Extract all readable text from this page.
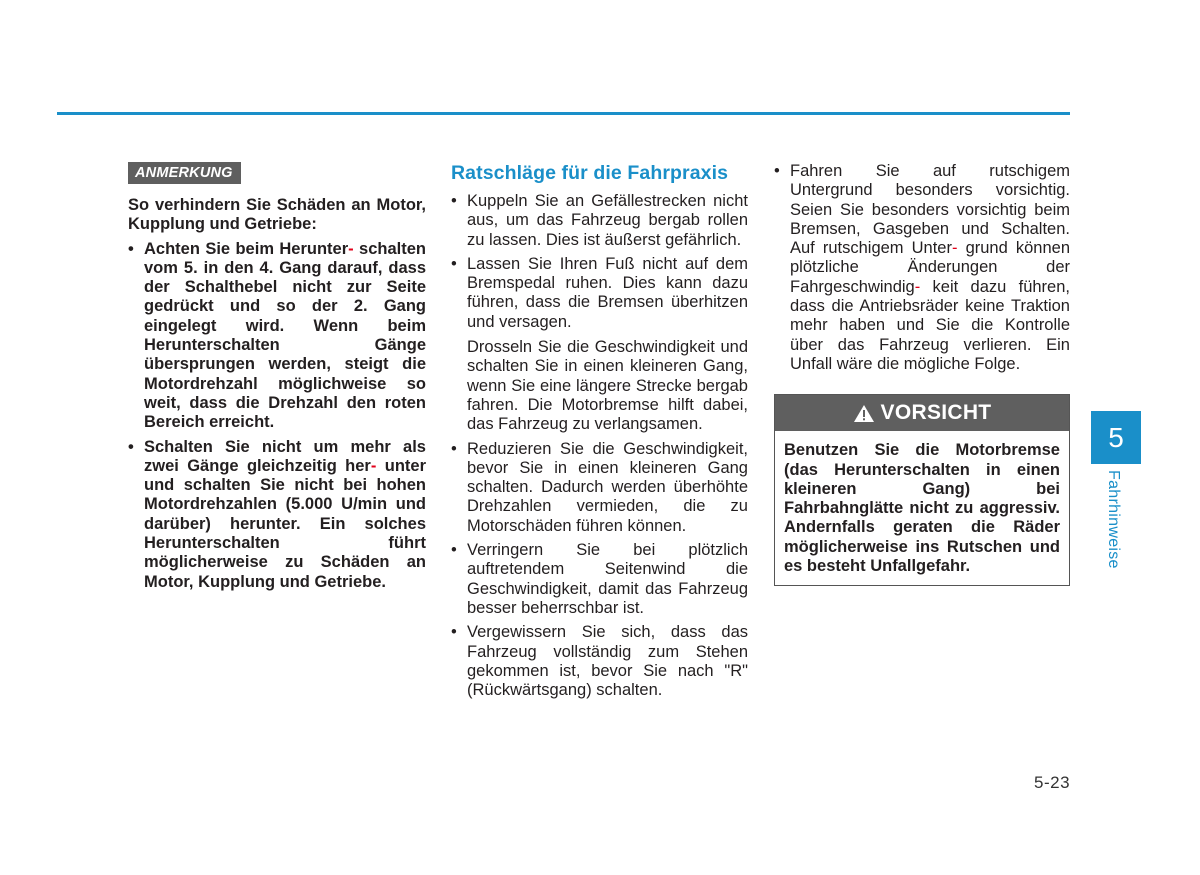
ANMERKUNG

So verhindern Sie Schäden an Motor, Kupplung und Getriebe:

• Achten Sie beim Herunter- schalten vom 5. in den 4. Gang darauf, dass der Schalthebel nicht zur Seite gedrückt und so der 2. Gang eingelegt wird. Wenn beim Herunterschalten Gänge übersprungen werden, steigt die Motordrehzahl möglichweise so weit, dass die Drehzahl den roten Bereich erreicht.
• Schalten Sie nicht um mehr als zwei Gänge gleichzeitig her- unter und schalten Sie nicht bei hohen Motordrehzahlen (5.000 U/min und darüber) herunter. Ein solches Herunterschalten führt möglicherweise zu Schäden an Motor, Kupplung und Getriebe.
Ratschläge für die Fahrpraxis
• Kuppeln Sie an Gefällestrecken nicht aus, um das Fahrzeug bergab rollen zu lassen. Dies ist äußerst gefährlich.
• Lassen Sie Ihren Fuß nicht auf dem Bremspedal ruhen. Dies kann dazu führen, dass die Bremsen überhitzen und versagen.

Drosseln Sie die Geschwindigkeit und schalten Sie in einen kleineren Gang, wenn Sie eine längere Strecke bergab fahren. Die Motorbremse hilft dabei, das Fahrzeug zu verlangsamen.

• Reduzieren Sie die Geschwindigkeit, bevor Sie in einen kleineren Gang schalten. Dadurch werden überhöhte Drehzahlen vermieden, die zu Motorschäden führen können.
• Verringern Sie bei plötzlich auftretendem Seitenwind die Geschwindigkeit, damit das Fahrzeug besser beherrschbar ist.
• Vergewissern Sie sich, dass das Fahrzeug vollständig zum Stehen gekommen ist, bevor Sie nach "R" (Rückwärtsgang) schalten.
• Fahren Sie auf rutschigem Untergrund besonders vorsichtig. Seien Sie besonders vorsichtig beim Bremsen, Gasgeben und Schalten. Auf rutschigem Unter- grund können plötzliche Änderungen der Fahrgeschwindig- keit dazu führen, dass die Antriebsräder keine Traktion mehr haben und Sie die Kontrolle über das Fahrzeug verlieren. Ein Unfall wäre die mögliche Folge.
VORSICHT

Benutzen Sie die Motorbremse (das Herunterschalten in einen kleineren Gang) bei Fahrbahnglätte nicht zu aggressiv. Andernfalls geraten die Räder möglicherweise ins Rutschen und es besteht Unfallgefahr.

5
Fahrhinweise
5-23
